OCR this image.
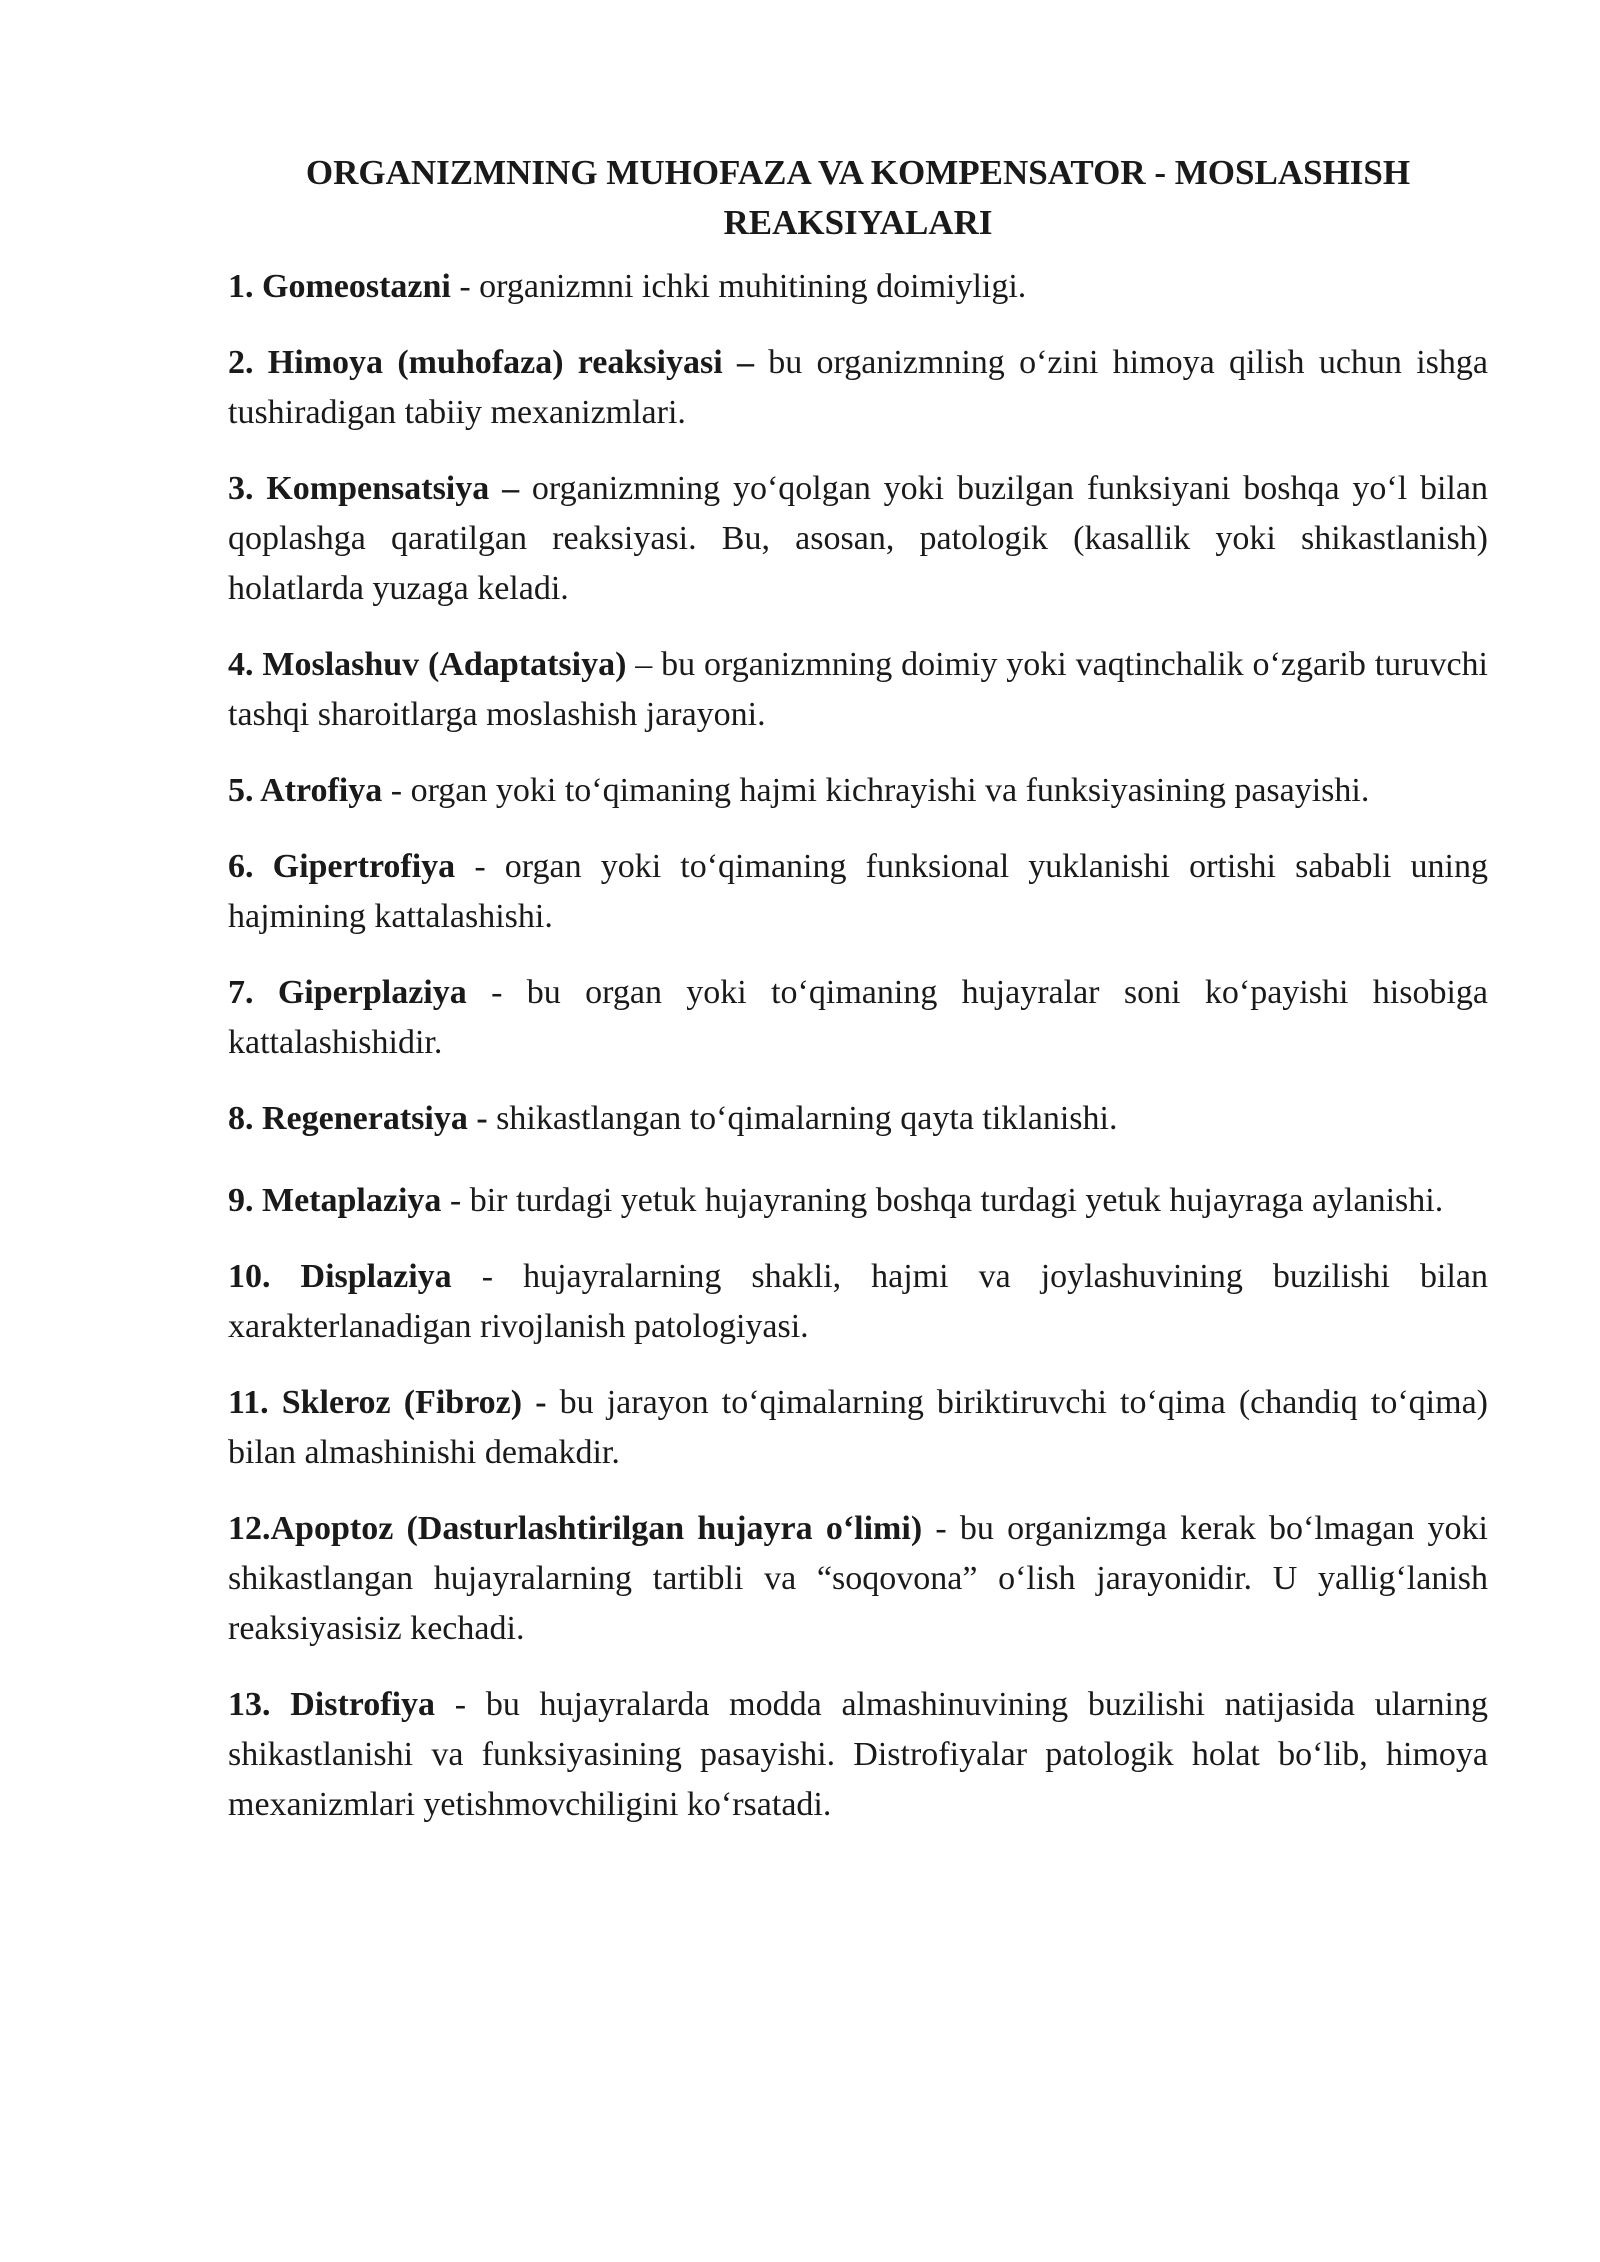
ORGANIZMNING MUHOFAZA VA KOMPENSATOR - MOSLASHISH REAKSIYALARI

1. Gomeostazni - organizmni ichki muhitining doimiyligi.

2. Himoya (muhofaza) reaksiyasi – bu organizmning o‘zini himoya qilish uchun ishga tushiradigan tabiiy mexanizmlari.

3. Kompensatsiya – organizmning yo‘qolgan yoki buzilgan funksiyani boshqa yo‘l bilan qoplashga qaratilgan reaksiyasi. Bu, asosan, patologik (kasallik yoki shikastlanish) holatlarda yuzaga keladi.

4. Moslashuv (Adaptatsiya) – bu organizmning doimiy yoki vaqtinchalik o‘zgarib turuvchi tashqi sharoitlarga moslashish jarayoni.

5. Atrofiya - organ yoki to‘qimaning hajmi kichrayishi va funksiyasining pasayishi.

6. Gipertrofiya - organ yoki to‘qimaning funksional yuklanishi ortishi sababli uning hajmining kattalashishi.

7. Giperplaziya - bu organ yoki to‘qimaning hujayralar soni ko‘payishi hisobiga kattalashishidir.

8. Regeneratsiya - shikastlangan to‘qimalarning qayta tiklanishi.

9. Metaplaziya - bir turdagi yetuk hujayraning boshqa turdagi yetuk hujayraga aylanishi.

10. Displaziya - hujayralarning shakli, hajmi va joylashuvining buzilishi bilan xarakterlanadigan rivojlanish patologiyasi.

11. Skleroz (Fibroz) - bu jarayon to‘qimalarning biriktiruvchi to‘qima (chandiq to‘qima) bilan almashinishi demakdir.

12.Apoptoz (Dasturlashtirilgan hujayra o‘limi) - bu organizmga kerak bo‘lmagan yoki shikastlangan hujayralarning tartibli va “soqovona” o‘lish jarayonidir. U yallig‘lanish reaksiyasisiz kechadi.

13. Distrofiya - bu hujayralarda modda almashinuvining buzilishi natijasida ularning shikastlanishi va funksiyasining pasayishi. Distrofiyalar patologik holat bo‘lib, himoya mexanizmlari yetishmovchiligini ko‘rsatadi.
